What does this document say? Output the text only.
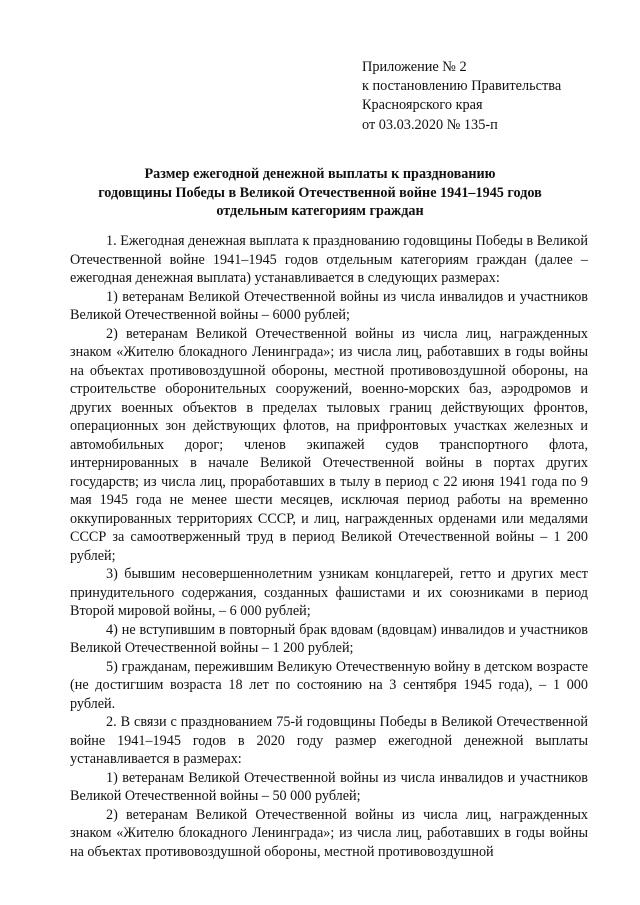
Приложение № 2
к постановлению Правительства
Красноярского края
от 03.03.2020 № 135-п
Размер ежегодной денежной выплаты к празднованию
годовщины Победы в Великой Отечественной войне 1941–1945 годов
отдельным категориям граждан

1. Ежегодная денежная выплата к празднованию годовщины Победы в Великой Отечественной войне 1941–1945 годов отдельным категориям граждан (далее – ежегодная денежная выплата) устанавливается в следующих размерах:

1) ветеранам Великой Отечественной войны из числа инвалидов и участников Великой Отечественной войны – 6000 рублей;

2) ветеранам Великой Отечественной войны из числа лиц, награжденных знаком «Жителю блокадного Ленинграда»; из числа лиц, работавших в годы войны на объектах противовоздушной обороны, местной противовоздушной обороны, на строительстве оборонительных сооружений, военно-морских баз, аэродромов и других военных объектов в пределах тыловых границ действующих фронтов, операционных зон действующих флотов, на прифронтовых участках железных и автомобильных дорог; членов экипажей судов транспортного флота, интернированных в начале Великой Отечественной войны в портах других государств; из числа лиц, проработавших в тылу в период с 22 июня 1941 года по 9 мая 1945 года не менее шести месяцев, исключая период работы на временно оккупированных территориях СССР, и лиц, награжденных орденами или медалями СССР за самоотверженный труд в период Великой Отечественной войны – 1 200 рублей;

3) бывшим несовершеннолетним узникам концлагерей, гетто и других мест принудительного содержания, созданных фашистами и их союзниками в период Второй мировой войны, – 6 000 рублей;

4) не вступившим в повторный брак вдовам (вдовцам) инвалидов и участников Великой Отечественной войны – 1 200 рублей;

5) гражданам, пережившим Великую Отечественную войну в детском возрасте (не достигшим возраста 18 лет по состоянию на 3 сентября 1945 года), – 1 000 рублей.

2. В связи с празднованием 75-й годовщины Победы в Великой Отечественной войне 1941–1945 годов в 2020 году размер ежегодной денежной выплаты устанавливается в размерах:

1) ветеранам Великой Отечественной войны из числа инвалидов и участников Великой Отечественной войны – 50 000 рублей;

2) ветеранам Великой Отечественной войны из числа лиц, награжденных знаком «Жителю блокадного Ленинграда»; из числа лиц, работавших в годы войны на объектах противовоздушной обороны, местной противовоздушной
